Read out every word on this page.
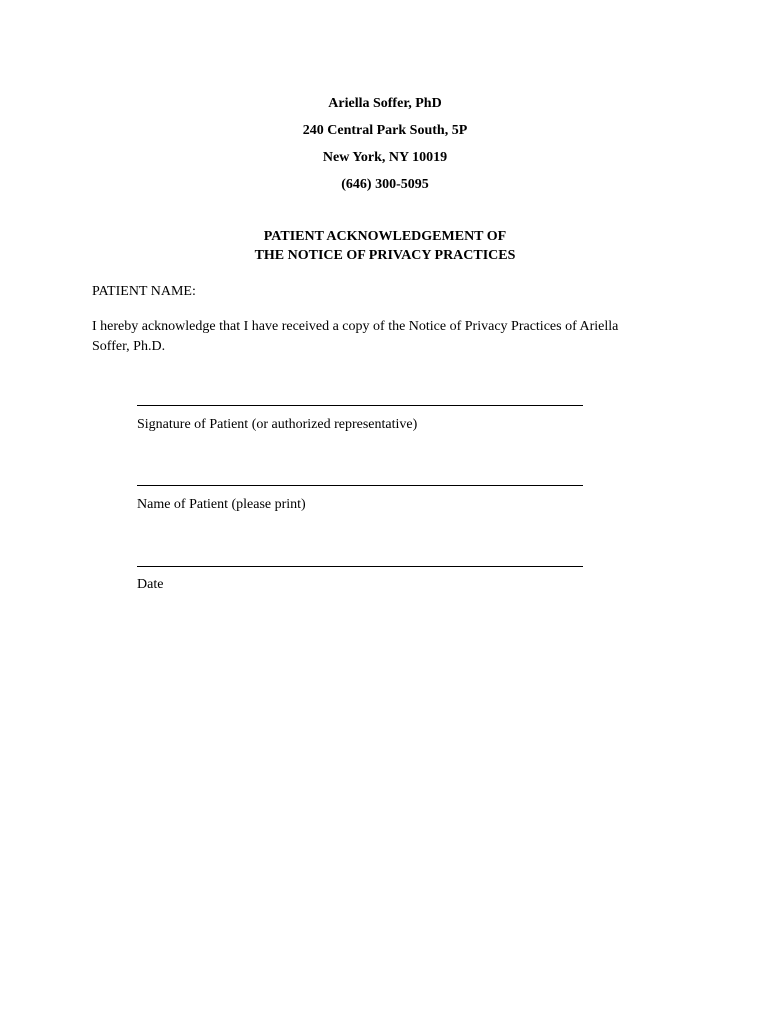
Ariella Soffer, PhD
240 Central Park South, 5P
New York, NY 10019
(646) 300-5095
PATIENT ACKNOWLEDGEMENT OF
THE NOTICE OF PRIVACY PRACTICES
PATIENT NAME:
I hereby acknowledge that I have received a copy of the Notice of Privacy Practices of Ariella
Soffer, Ph.D.
Signature of Patient (or authorized representative)
Name of Patient (please print)
Date
